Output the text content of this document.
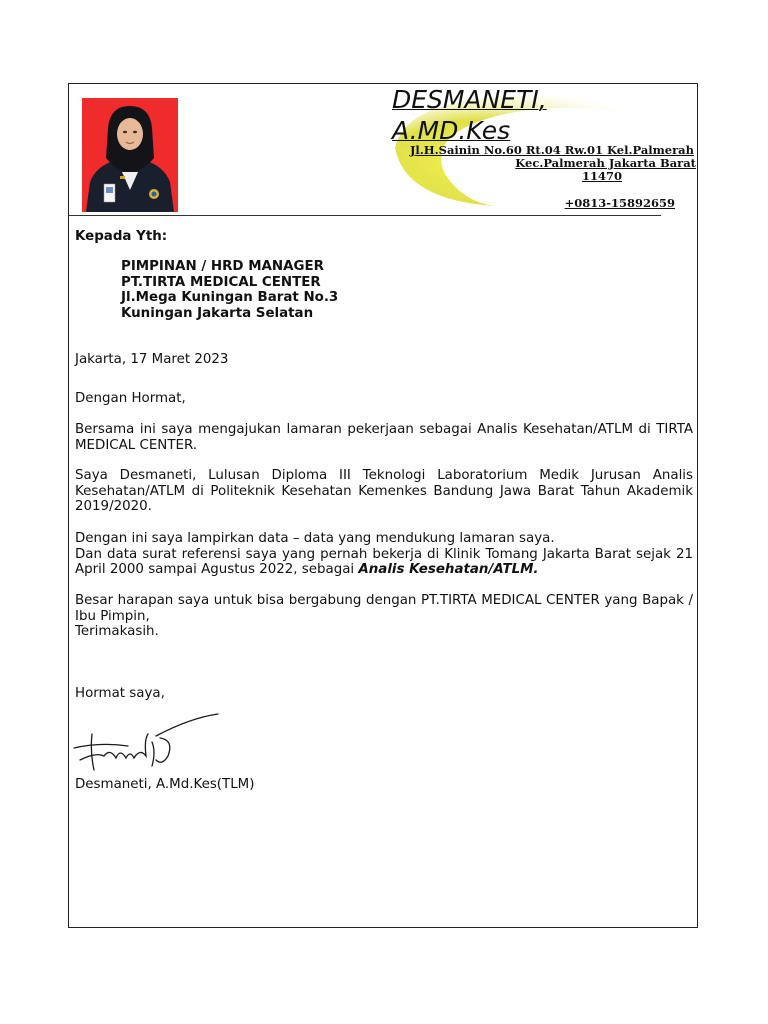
DESMANETI,
A.MD.Kes
Jl.H.Sainin No.60 Rt.04 Rw.01 Kel.Palmerah
Kec.Palmerah Jakarta Barat
11470
+0813-15892659
Kepada Yth:
PIMPINAN / HRD MANAGER
PT.TIRTA MEDICAL CENTER
Jl.Mega Kuningan Barat No.3
Kuningan Jakarta Selatan
Jakarta, 17 Maret 2023
Dengan Hormat,
Bersama ini saya mengajukan lamaran pekerjaan sebagai Analis Kesehatan/ATLM di TIRTA MEDICAL CENTER.
Saya Desmaneti, Lulusan Diploma III Teknologi Laboratorium Medik Jurusan Analis Kesehatan/ATLM di Politeknik Kesehatan Kemenkes Bandung Jawa Barat Tahun Akademik 2019/2020.
Dengan ini saya lampirkan data – data yang mendukung lamaran saya.
Dan data surat referensi saya yang pernah bekerja di Klinik Tomang Jakarta Barat sejak 21 April 2000 sampai Agustus 2022, sebagai Analis Kesehatan/ATLM.
Besar harapan saya untuk bisa bergabung dengan PT.TIRTA MEDICAL CENTER yang Bapak / Ibu Pimpin,
Terimakasih.
Hormat saya,
Desmaneti, A.Md.Kes(TLM)
